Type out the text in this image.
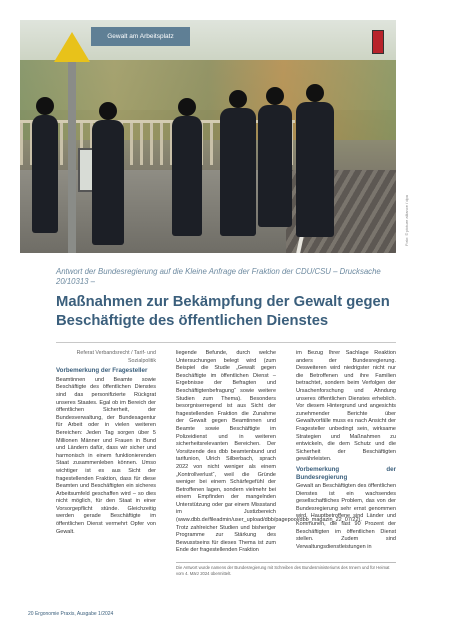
Gewalt am Arbeitsplatz
Foto: © picture alliance / dpa

Antwort der Bundesregierung auf die Kleine Anfrage der Fraktion der CDU/CSU – Drucksache 20/10313 –

Maßnahmen zur Bekämpfung der Gewalt gegen Beschäftigte des öffentlichen Dienstes

Referat Verbandsrecht / Tarif- und Sozialpolitik

Vorbemerkung der Fragesteller

Beamtinnen und Beamte sowie Beschäftigte des öffentlichen Dienstes sind das personifizierte Rückgrat unseres Staates. Egal ob im Bereich der öffentlichen Sicherheit, der Bundesverwaltung, der Bundesagentur für Arbeit oder in vielen weiteren Bereichen: Jeden Tag sorgen über 5 Millionen Männer und Frauen in Bund und Ländern dafür, dass wir sicher und harmonisch in einem funktionierenden Staat zusammenleben können. Umso wichtiger ist es aus Sicht der fragestellenden Fraktion, dass für diese Beamten und Beschäftigten ein sicheres Arbeitsumfeld geschaffen wird – so dies nicht möglich, für den Staat in einer Vorsorgepflicht stünde. Gleichzeitig werden gerade Beschäftigte im öffentlichen Dienst vermehrt Opfer von Gewalt.

liegende Befunde, durch welche Untersuchungen belegt wird (zum Beispiel die Studie „Gewalt gegen Beschäftigte im öffentlichen Dienst – Ergebnisse der Befragten und Beschäftigtenbefragung“ sowie weitere Studien zum Thema). Besonders besorgniserregend ist aus Sicht der fragestellenden Fraktion die Zunahme der Gewalt gegen Beamtinnen und Beamte sowie Beschäftigte im Polizeidienst und in weiteren sicherheitsrelevanten Bereichen. Der Vorsitzende des dbb beamtenbund und tarifunion, Ulrich Silberbach, sprach 2022 von nicht weniger als einem „Kontrollverlust“, weil die Gründe weniger bei einem Schärfegefühl der Betroffenen lagen, sondern vielmehr bei einem Empfinden der mangelnden Unterstützung oder gar einem Missstand im Justizbereich (www.dbb.de/fileadmin/user_upload/dbb/pagepool/dbb_magazin_22_07/22). Trotz zahlreicher Studien und bisheriger Programme zur Stärkung des Bewusstseins für dieses Thema ist zum Ende der fragestellenden Fraktion

im Bezug Ihrer Sachlage Reaktion anders der Bundesregierung. Desweiteren wird niedrigster nicht nur die Betroffenen und ihre Familien betrachtet, sondern beim Verfolgen der Ursachenforschung und Ahndung unseres öffentlichen Dienstes erheblich. Vor diesem Hintergrund und angesichts zunehmender Berichte über Gewaltvorfälle muss es nach Ansicht der Fragesteller unbedingt sein, wirksame Strategien und Maßnahmen zu entwickeln, die dem Schutz und die Sicherheit der Beschäftigten gewährleisten.

Vorbemerkung der Bundesregierung

Gewalt an Beschäftigten des öffentlichen Dienstes ist ein wachsendes gesellschaftliches Problem, das von der Bundesregierung sehr ernst genommen wird. Hauptbetroffene sind Länder und Kommunen, die fast 90 Prozent der Beschäftigten im öffentlichen Dienst stellen. Zudem sind Verwaltungsdienstleistungen in

Die Antwort wurde namens der Bundesregierung mit Schreiben des Bundesministeriums des Innern und für Heimat vom 4. März 2024 übermittelt.
20 Ergonomie Praxis, Ausgabe 1/2024
